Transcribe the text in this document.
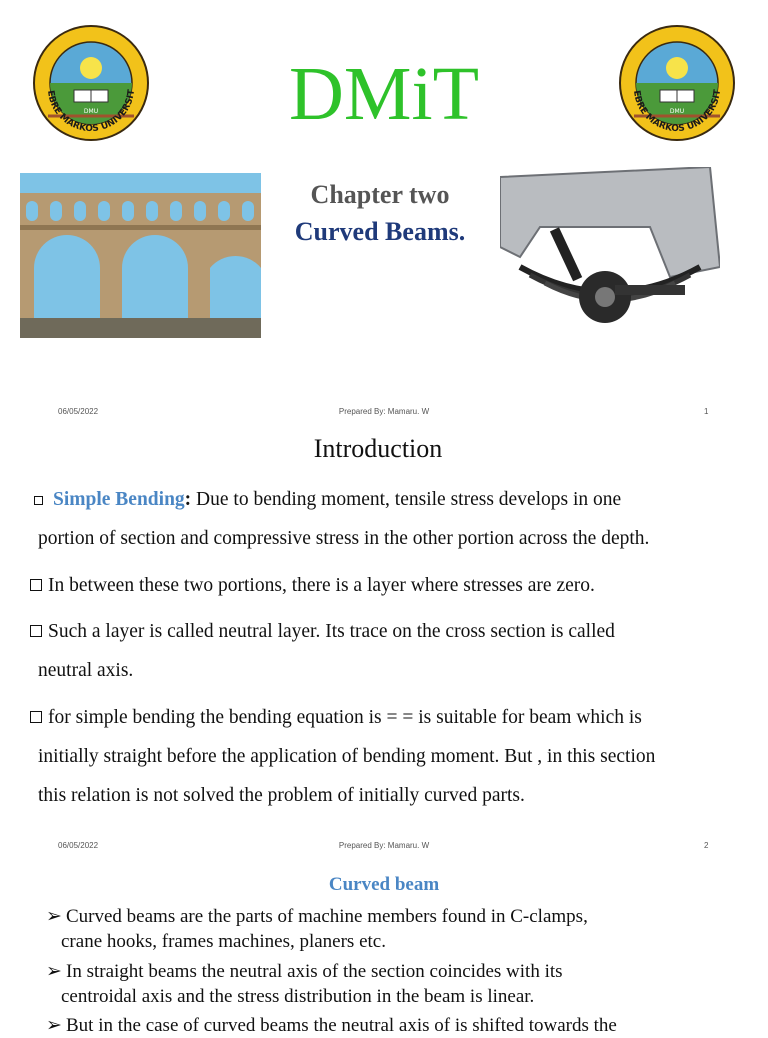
EBRE MARKOS UNIVERSIT
DMU
EBRE MARKOS UNIVERSIT
DMU
DMiT
Chapter two
Curved Beams.
06/05/2022	Prepared By: Mamaru. W	1
Introduction
Simple Bending: Due to bending moment, tensile stress develops in one
portion of section and compressive stress in the other portion across the depth.
In between these two portions, there is a layer where stresses are zero.
Such a layer is called neutral layer. Its trace on the cross section is called
neutral axis.
for simple bending the bending equation is = = is suitable for beam which is
initially straight before the application of bending moment. But , in this section
this relation is not solved the problem of initially curved parts.
06/05/2022	Prepared By: Mamaru. W	2
Curved beam
➢ Curved beams are the parts of machine members found in C-clamps,
crane hooks, frames machines, planers etc.
➢ In straight beams the neutral axis of the section coincides with its
centroidal axis and the stress distribution in the beam is linear.
➢ But in the case of curved beams the neutral axis of is shifted towards the
